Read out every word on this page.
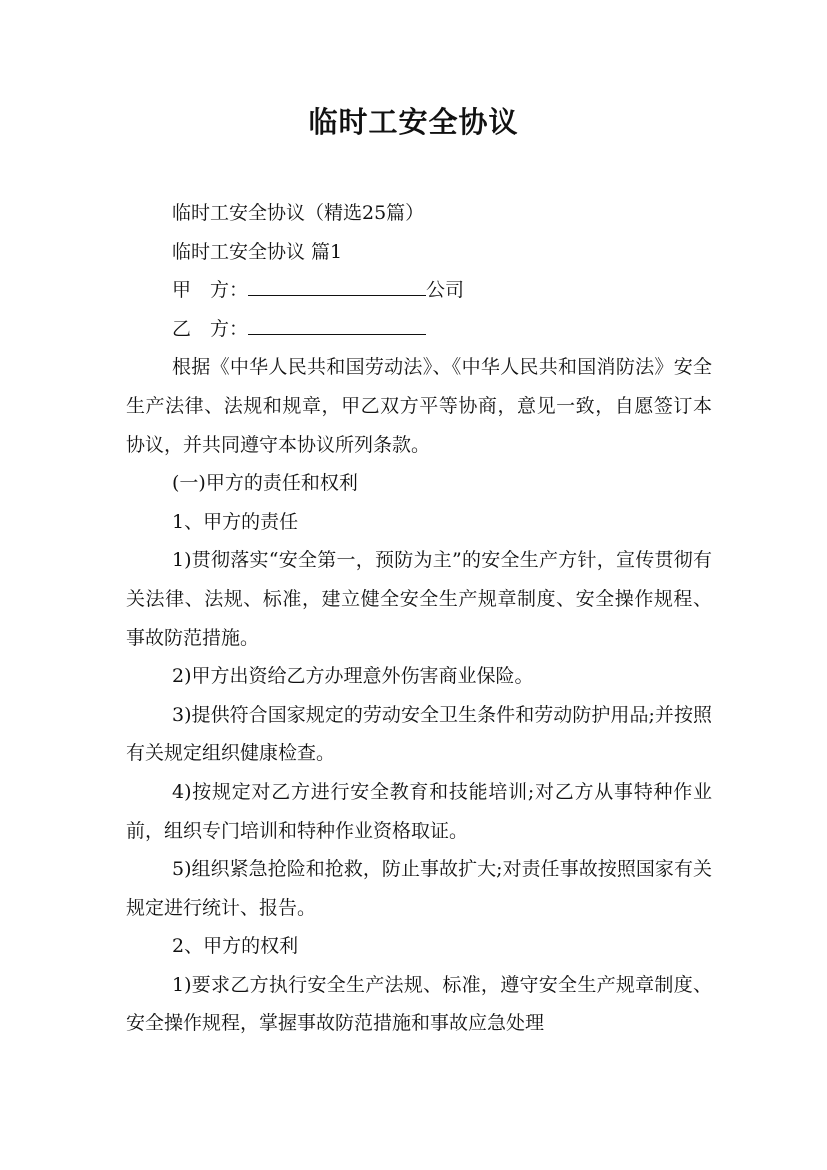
临时工安全协议

临时工安全协议（精选25篇）

临时工安全协议 篇1

甲　方：	公司

乙　方：

根据《中华人民共和国劳动法》、《中华人民共和国消防法》安全生产法律、法规和规章，甲乙双方平等协商，意见一致，自愿签订本协议，并共同遵守本协议所列条款。

(一)甲方的责任和权利

1、甲方的责任

1)贯彻落实“安全第一，预防为主”的安全生产方针，宣传贯彻有关法律、法规、标准，建立健全安全生产规章制度、安全操作规程、事故防范措施。

2)甲方出资给乙方办理意外伤害商业保险。

3)提供符合国家规定的劳动安全卫生条件和劳动防护用品;并按照有关规定组织健康检查。

4)按规定对乙方进行安全教育和技能培训;对乙方从事特种作业前，组织专门培训和特种作业资格取证。

5)组织紧急抢险和抢救，防止事故扩大;对责任事故按照国家有关规定进行统计、报告。

2、甲方的权利

1)要求乙方执行安全生产法规、标准，遵守安全生产规章制度、安全操作规程，掌握事故防范措施和事故应急处理
